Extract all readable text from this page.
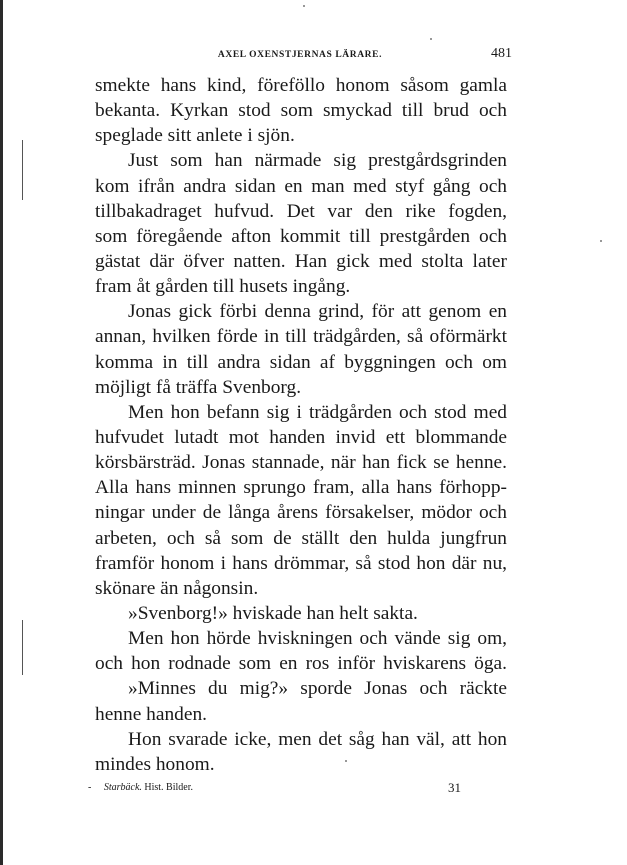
AXEL OXENSTJERNAS LÄRARE.	481
smekte hans kind, föreföllo honom såsom gamla
bekanta. Kyrkan stod som smyckad till brud och
speglade sitt anlete i sjön.
Just som han närmade sig prestgårdsgrinden
kom ifrån andra sidan en man med styf gång och
tillbakadraget hufvud. Det var den rike fogden,
som föregående afton kommit till prestgården och
gästat där öfver natten. Han gick med stolta later
fram åt gården till husets ingång.
Jonas gick förbi denna grind, för att genom en
annan, hvilken förde in till trädgården, så oförmärkt
komma in till andra sidan af byggningen och om
möjligt få träffa Svenborg.
Men hon befann sig i trädgården och stod med
hufvudet lutadt mot handen invid ett blommande
körsbärsträd. Jonas stannade, när han fick se henne.
Alla hans minnen sprungo fram, alla hans förhopp-
ningar under de långa årens försakelser, mödor och
arbeten, och så som de ställt den hulda jungfrun
framför honom i hans drömmar, så stod hon där nu,
skönare än någonsin.
»Svenborg!» hviskade han helt sakta.
Men hon hörde hviskningen och vände sig om,
och hon rodnade som en ros inför hviskarens öga.
»Minnes du mig?» sporde Jonas och räckte
henne handen.
Hon svarade icke, men det såg han väl, att hon
mindes honom.
- Starbäck. Hist. Bilder.	31
